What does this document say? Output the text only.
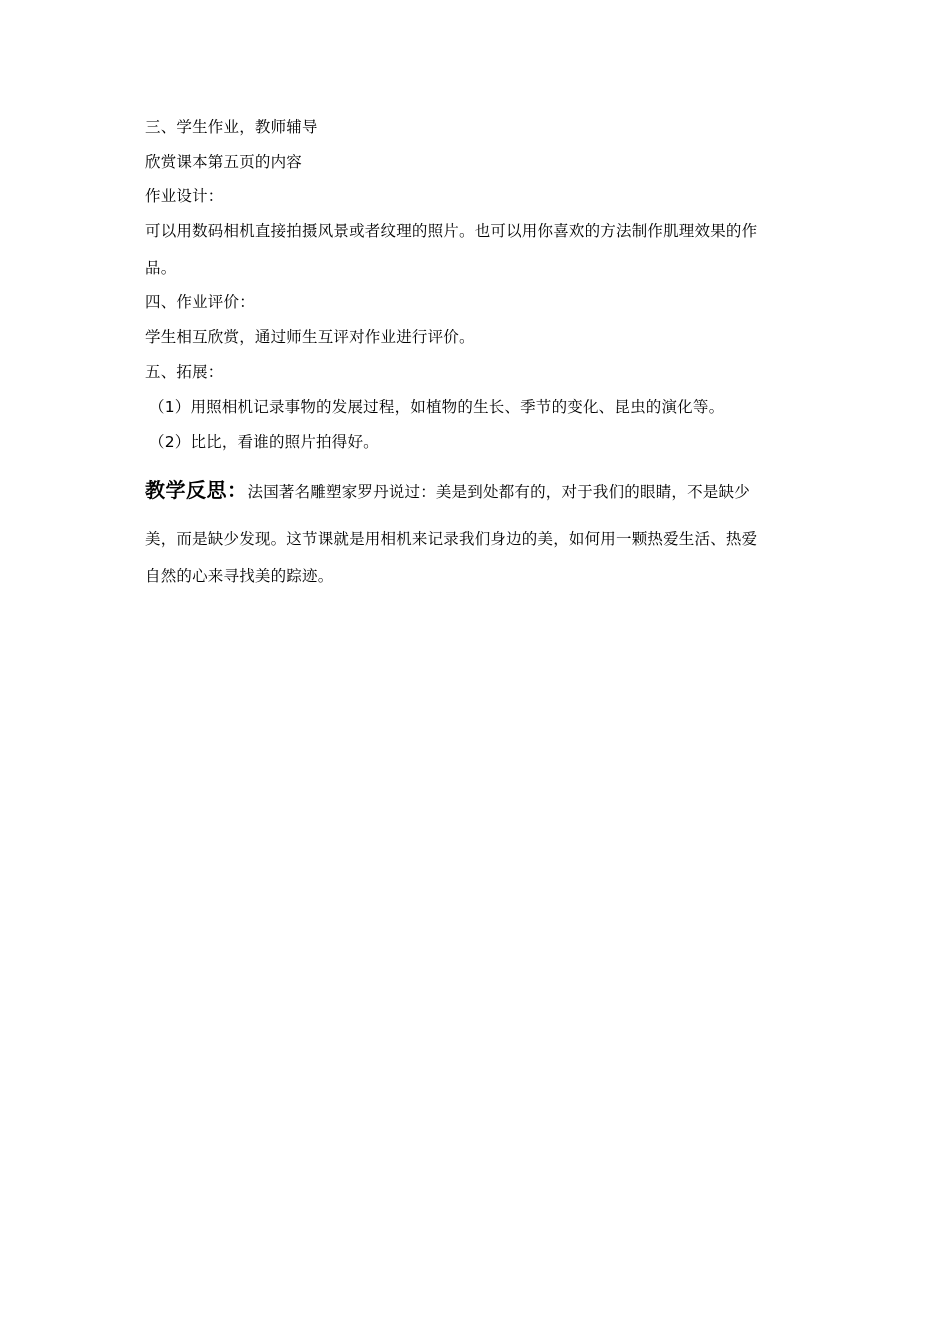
三、学生作业，教师辅导
欣赏课本第五页的内容
作业设计：
可以用数码相机直接拍摄风景或者纹理的照片。也可以用你喜欢的方法制作肌理效果的作
品。
四、作业评价：
学生相互欣赏，通过师生互评对作业进行评价。
五、拓展：
（1）用照相机记录事物的发展过程，如植物的生长、季节的变化、昆虫的演化等。
（2）比比，看谁的照片拍得好。
教学反思：法国著名雕塑家罗丹说过：美是到处都有的，对于我们的眼睛，不是缺少
美，而是缺少发现。这节课就是用相机来记录我们身边的美，如何用一颗热爱生活、热爱
自然的心来寻找美的踪迹。
